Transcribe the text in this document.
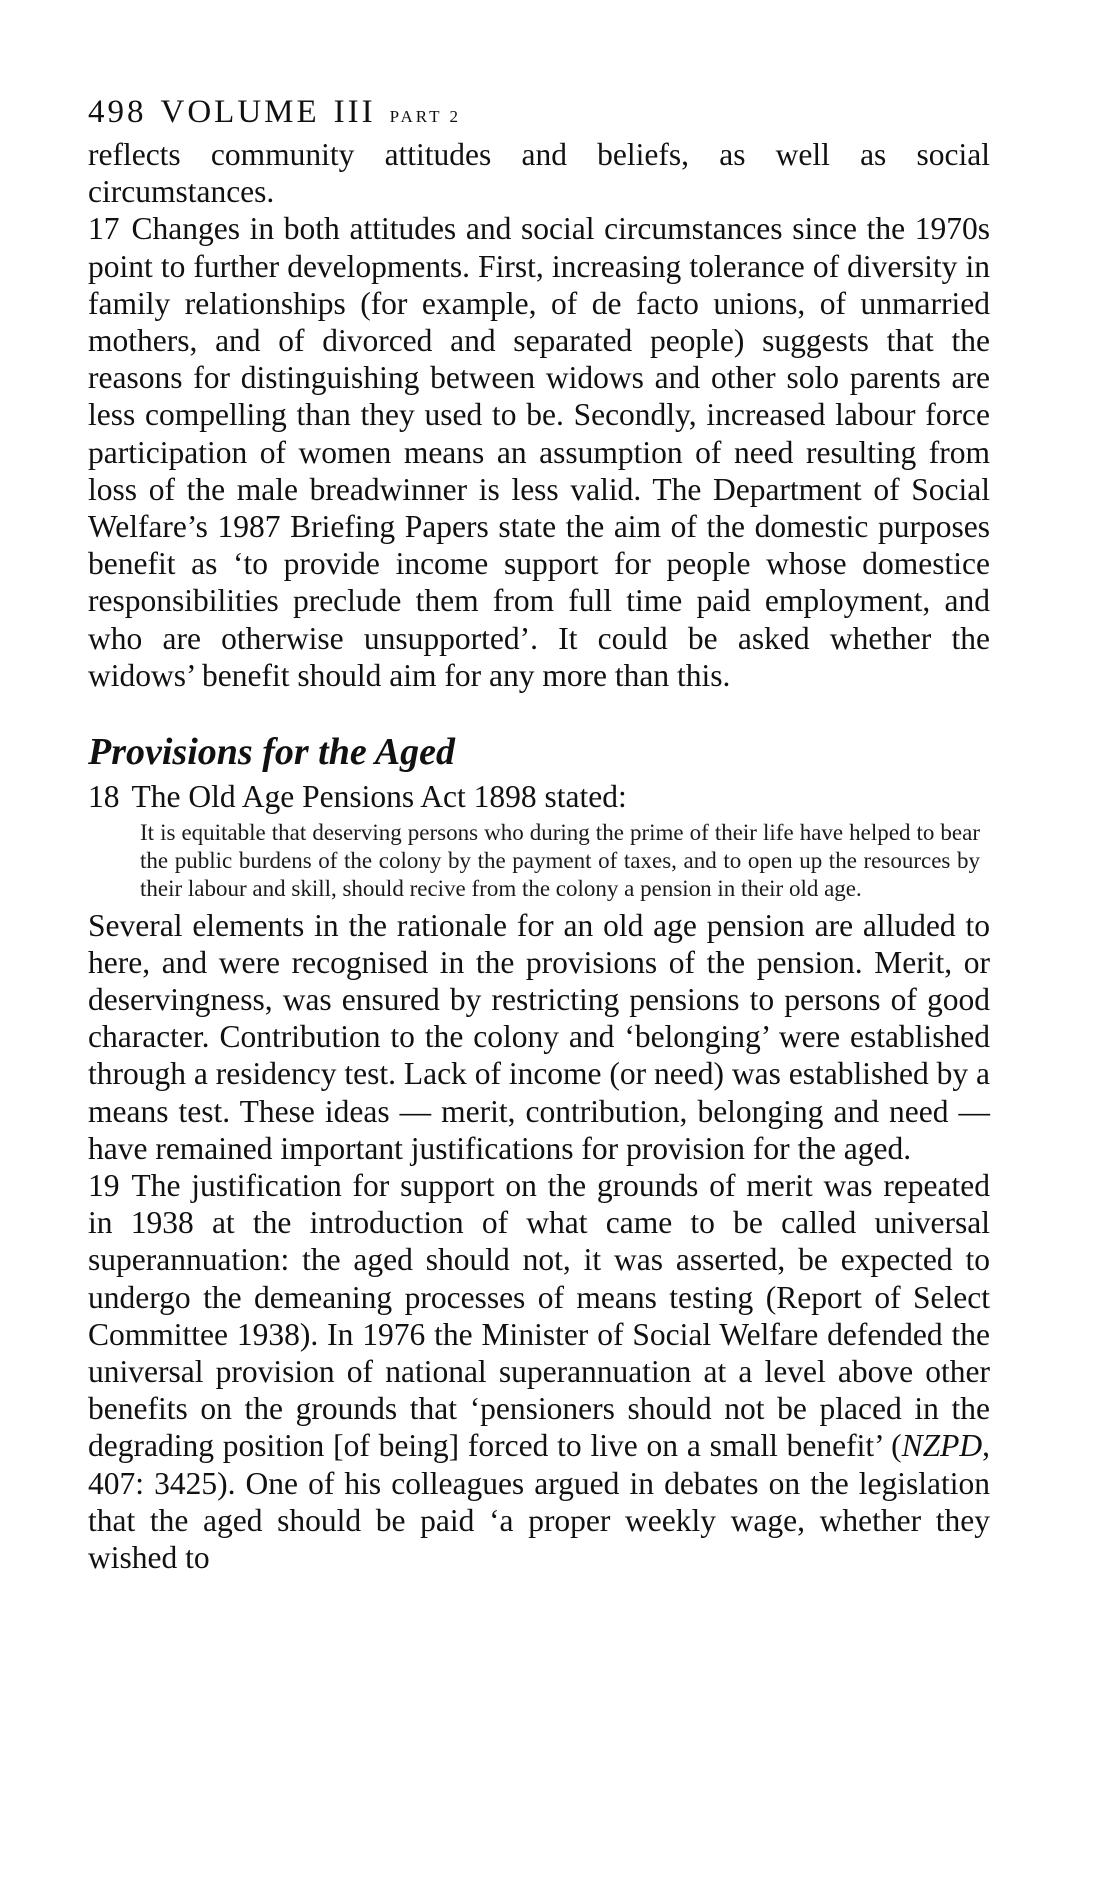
498 VOLUME III PART 2

reflects community attitudes and beliefs, as well as social circumstances.

17 Changes in both attitudes and social circumstances since the 1970s point to further developments. First, increasing tolerance of diversity in family relationships (for example, of de facto unions, of unmarried mothers, and of divorced and separated people) suggests that the reasons for distinguishing between widows and other solo parents are less compelling than they used to be. Secondly, increased labour force participation of women means an assumption of need resulting from loss of the male breadwinner is less valid. The Department of Social Welfare’s 1987 Briefing Papers state the aim of the domestic purposes benefit as ‘to provide income support for people whose domestice responsibilities preclude them from full time paid employment, and who are otherwise unsupported’. It could be asked whether the widows’ benefit should aim for any more than this.

Provisions for the Aged

18 The Old Age Pensions Act 1898 stated:

It is equitable that deserving persons who during the prime of their life have helped to bear the public burdens of the colony by the payment of taxes, and to open up the resources by their labour and skill, should recive from the colony a pension in their old age.

Several elements in the rationale for an old age pension are alluded to here, and were recognised in the provisions of the pension. Merit, or deservingness, was ensured by restricting pensions to persons of good character. Contribution to the colony and ‘belonging’ were established through a residency test. Lack of income (or need) was established by a means test. These ideas — merit, contribution, belonging and need — have remained important justifications for provision for the aged.

19 The justification for support on the grounds of merit was repeated in 1938 at the introduction of what came to be called universal superannuation: the aged should not, it was asserted, be expected to undergo the demeaning processes of means testing (Report of Select Committee 1938). In 1976 the Minister of Social Welfare defended the universal provision of national superannuation at a level above other benefits on the grounds that ‘pensioners should not be placed in the degrading position [of being] forced to live on a small benefit’ (NZPD, 407: 3425). One of his colleagues argued in debates on the legislation that the aged should be paid ‘a proper weekly wage, whether they wished to
